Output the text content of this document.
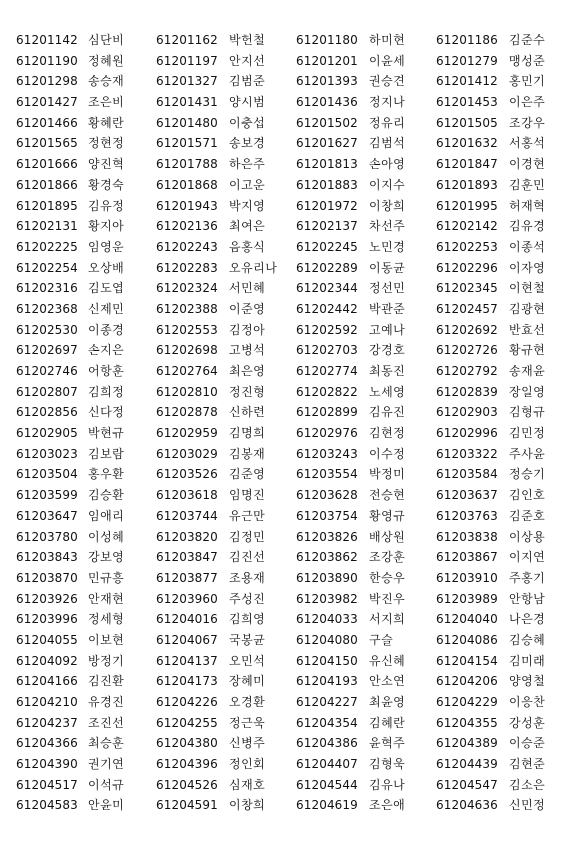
61201142 심단비	61201162 박헌철	61201180 하미현	61201186 김준수
61201190 정혜원	61201197 안지선	61201201 이윤세	61201279 맹성준
61201298 송승재	61201327 김범준	61201393 권승견	61201412 홍민기
61201427 조은비	61201431 양시범	61201436 정지나	61201453 이은주
61201466 황혜란	61201480 이충섭	61201502 정유리	61201505 조강우
61201565 정현정	61201571 송보경	61201627 김범석	61201632 서홍석
61201666 양진혁	61201788 하은주	61201813 손아영	61201847 이경현
61201866 황경숙	61201868 이고운	61201883 이지수	61201893 김훈민
61201895 김유정	61201943 박지영	61201972 이창희	61201995 허재혁
61202131 황지아	61202136 최여은	61202137 차선주	61202142 김유경
61202225 임영운	61202243 음홍식	61202245 노민경	61202253 이종석
61202254 오상배	61202283 오유리나 61202289 이동균	61202296 이자영
61202316 김도엽	61202324 서민혜	61202344 정선민	61202345 이현철
61202368 신제민	61202388 이준영	61202442 박관준	61202457 김광현
61202530 이종경	61202553 김정아	61202592 고예나	61202692 반효선
61202697 손지은	61202698 고병석	61202703 강경호	61202726 황규현
61202746 어항훈	61202764 최은영	61202774 최동진	61202792 송재윤
61202807 김희정	61202810 정진형	61202822 노세영	61202839 장일영
61202856 신다정	61202878 신하련	61202899 김유진	61202903 김형규
61202905 박현규	61202959 김명희	61202976 김현정	61202996 김민정
61203023 김보람	61203029 김봉재	61203243 이수정	61203322 주사윤
61203504 홍우환	61203526 김준영	61203554 박정미	61203584 정승기
61203599 김승환	61203618 임명진	61203628 전승현	61203637 김인호
61203647 임애리	61203744 유근만	61203754 황영규	61203763 김준호
61203780 이성혜	61203820 김정민	61203826 배상원	61203838 이상용
61203843 강보영	61203847 김진선	61203862 조강훈	61203867 이지연
61203870 민규흥	61203877 조용재	61203890 한승우	61203910 주홍기
61203926 안재현	61203960 주성진	61203982 박진우	61203989 안항남
61203996 정세형	61204016 김희영	61204033 서지희	61204040 나은경
61204055 이보현	61204067 국봉균	61204080 구슬	61204086 김승혜
61204092 방정기	61204137 오민석	61204150 유신혜	61204154 김미래
61204166 김진환	61204173 장혜미	61204193 안소연	61204206 양영철
61204210 유경진	61204226 오경환	61204227 최윤영	61204229 이응찬
61204237 조진선	61204255 정근욱	61204354 김혜란	61204355 강성훈
61204366 최승훈	61204380 신병주	61204386 윤혁주	61204389 이승준
61204390 권기연	61204396 정인회	61204407 김형욱	61204439 김현준
61204517 이석규	61204526 심재호	61204544 김유나	61204547 김소은
61204583 안윤미	61204591 이창희	61204619 조은애	61204636 신민정
